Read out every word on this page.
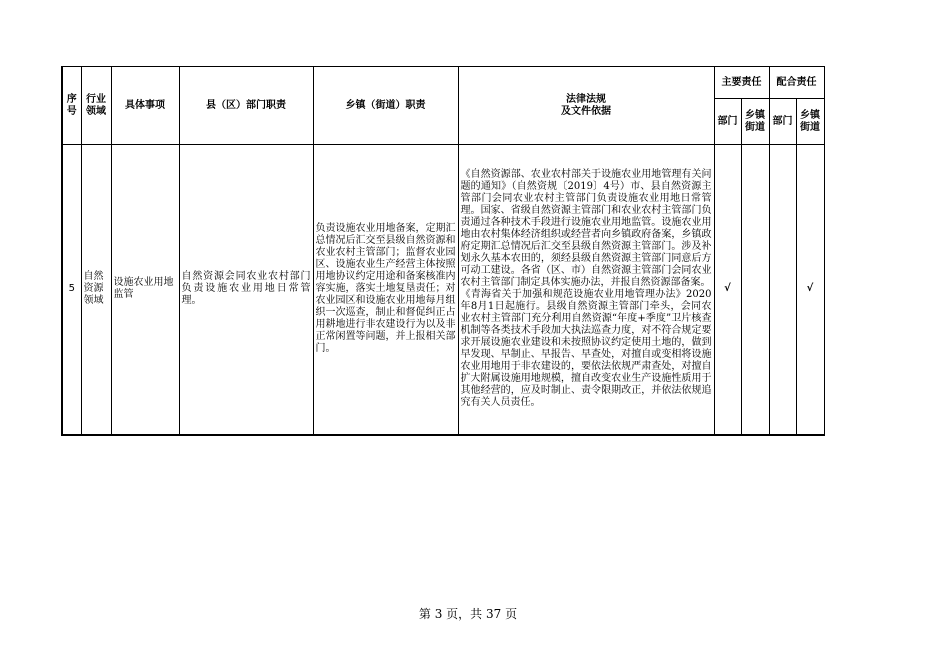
序号	行业领域	具体事项	县（区）部门职责	乡镇（街道）职责	法律法规
及文件依据	主要责任		配合责任	
						部门	乡镇街道	部门	乡镇街道
5	自然资源领域	设施农业用地监管	自然资源会同农业农村部门负责设施农业用地日常管理。	负责设施农业用地备案，定期汇总情况后汇交至县级自然资源和农业农村主管部门；监督农业园区、设施农业生产经营主体按照用地协议约定用途和备案核准内容实施，落实土地复垦责任；对农业园区和设施农业用地每月组织一次巡查，制止和督促纠正占用耕地进行非农建设行为以及非正常闲置等问题，并上报相关部门。	《自然资源部、农业农村部关于设施农业用地管理有关问题的通知》（自然资规〔2019〕4号）市、县自然资源主管部门会同农业农村主管部门负责设施农业用地日常管理。国家、省级自然资源主管部门和农业农村主管部门负责通过各种技术手段进行设施农业用地监管。设施农业用地由农村集体经济组织或经营者向乡镇政府备案，乡镇政府定期汇总情况后汇交至县级自然资源主管部门。涉及补划永久基本农田的，须经县级自然资源主管部门同意后方可动工建设。各省（区、市）自然资源主管部门会同农业农村主管部门制定具体实施办法，并报自然资源部备案。
《青海省关于加强和规范设施农业用地管理办法》2020年8月1日起施行。县级自然资源主管部门牵头，会同农业农村主管部门充分利用自然资源“年度+季度”卫片核查机制等各类技术手段加大执法巡查力度，对不符合规定要求开展设施农业建设和未按照协议约定使用土地的，做到早发现、早制止、早报告、早查处，对擅自或变相将设施农业用地用于非农建设的，要依法依规严肃查处，对擅自扩大附属设施用地规模，擅自改变农业生产设施性质用于其他经营的，应及时制止、责令限期改正，并依法依规追究有关人员责任。	√			√
第 3 页，共 37 页
